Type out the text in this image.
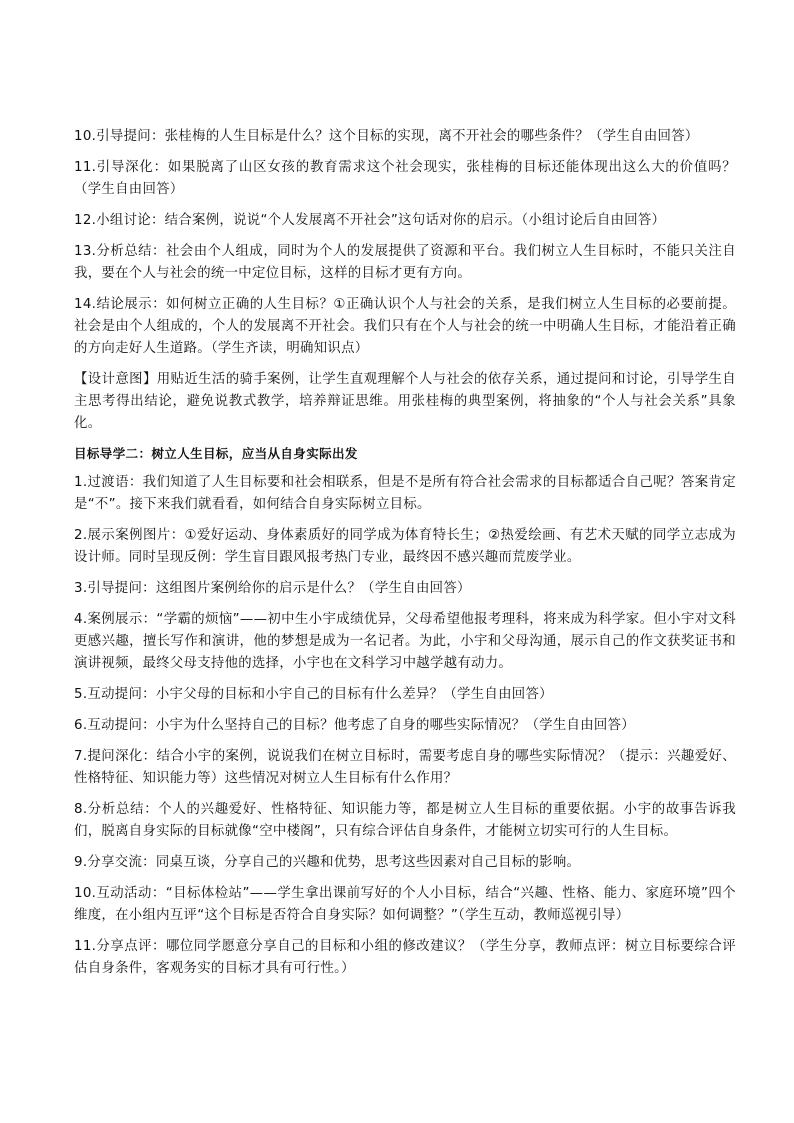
10.引导提问：张桂梅的人生目标是什么？这个目标的实现，离不开社会的哪些条件？（学生自由回答）

11.引导深化：如果脱离了山区女孩的教育需求这个社会现实，张桂梅的目标还能体现出这么大的价值吗？（学生自由回答）

12.小组讨论：结合案例，说说“个人发展离不开社会”这句话对你的启示。（小组讨论后自由回答）

13.分析总结：社会由个人组成，同时为个人的发展提供了资源和平台。我们树立人生目标时，不能只关注自我，要在个人与社会的统一中定位目标，这样的目标才更有方向。

14.结论展示：如何树立正确的人生目标？①正确认识个人与社会的关系，是我们树立人生目标的必要前提。社会是由个人组成的，个人的发展离不开社会。我们只有在个人与社会的统一中明确人生目标，才能沿着正确的方向走好人生道路。（学生齐读，明确知识点）

【设计意图】用贴近生活的骑手案例，让学生直观理解个人与社会的依存关系，通过提问和讨论，引导学生自主思考得出结论，避免说教式教学，培养辩证思维。用张桂梅的典型案例，将抽象的“个人与社会关系”具象化。

目标导学二：树立人生目标，应当从自身实际出发

1.过渡语：我们知道了人生目标要和社会相联系，但是不是所有符合社会需求的目标都适合自己呢？答案肯定是“不”。接下来我们就看看，如何结合自身实际树立目标。

2.展示案例图片：①爱好运动、身体素质好的同学成为体育特长生；②热爱绘画、有艺术天赋的同学立志成为设计师。同时呈现反例：学生盲目跟风报考热门专业，最终因不感兴趣而荒废学业。

3.引导提问：这组图片案例给你的启示是什么？（学生自由回答）

4.案例展示：“学霸的烦恼”——初中生小宇成绩优异，父母希望他报考理科，将来成为科学家。但小宇对文科更感兴趣，擅长写作和演讲，他的梦想是成为一名记者。为此，小宇和父母沟通，展示自己的作文获奖证书和演讲视频，最终父母支持他的选择，小宇也在文科学习中越学越有动力。

5.互动提问：小宇父母的目标和小宇自己的目标有什么差异？（学生自由回答）

6.互动提问：小宇为什么坚持自己的目标？他考虑了自身的哪些实际情况？（学生自由回答）

7.提问深化：结合小宇的案例，说说我们在树立目标时，需要考虑自身的哪些实际情况？（提示：兴趣爱好、性格特征、知识能力等）这些情况对树立人生目标有什么作用？

8.分析总结：个人的兴趣爱好、性格特征、知识能力等，都是树立人生目标的重要依据。小宇的故事告诉我们，脱离自身实际的目标就像“空中楼阁”，只有综合评估自身条件，才能树立切实可行的人生目标。

9.分享交流：同桌互谈，分享自己的兴趣和优势，思考这些因素对自己目标的影响。

10.互动活动：“目标体检站”——学生拿出课前写好的个人小目标，结合“兴趣、性格、能力、家庭环境”四个维度，在小组内互评“这个目标是否符合自身实际？如何调整？”（学生互动，教师巡视引导）

11.分享点评：哪位同学愿意分享自己的目标和小组的修改建议？（学生分享，教师点评：树立目标要综合评估自身条件，客观务实的目标才具有可行性。）
